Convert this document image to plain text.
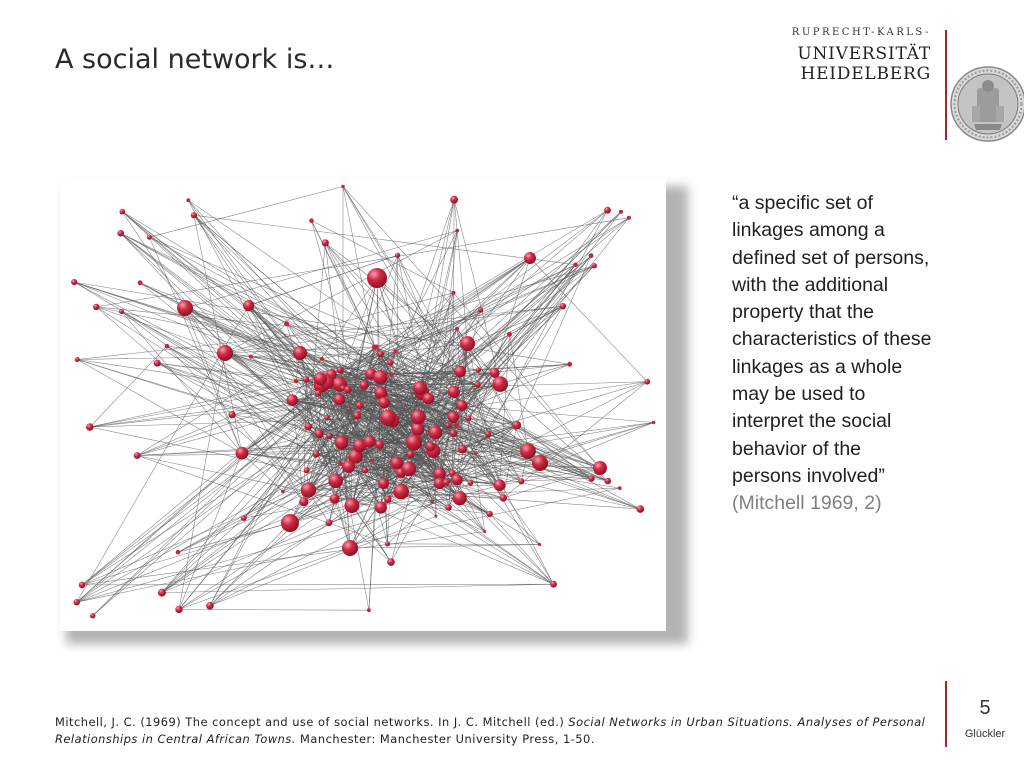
A social network is…
RUPRECHT-KARLS-
UNIVERSITÄT
HEIDELBERG

“a specific set of linkages among a defined set of persons, with the additional property that the characteristics of these linkages as a whole may be used to interpret the social behavior of the persons involved”

(Mitchell 1969, 2)

Mitchell, J. C. (1969) The concept and use of social networks. In J. C. Mitchell (ed.) Social Networks in Urban Situations. Analyses of Personal Relationships in Central African Towns. Manchester: Manchester University Press, 1-50.
5
Glückler
